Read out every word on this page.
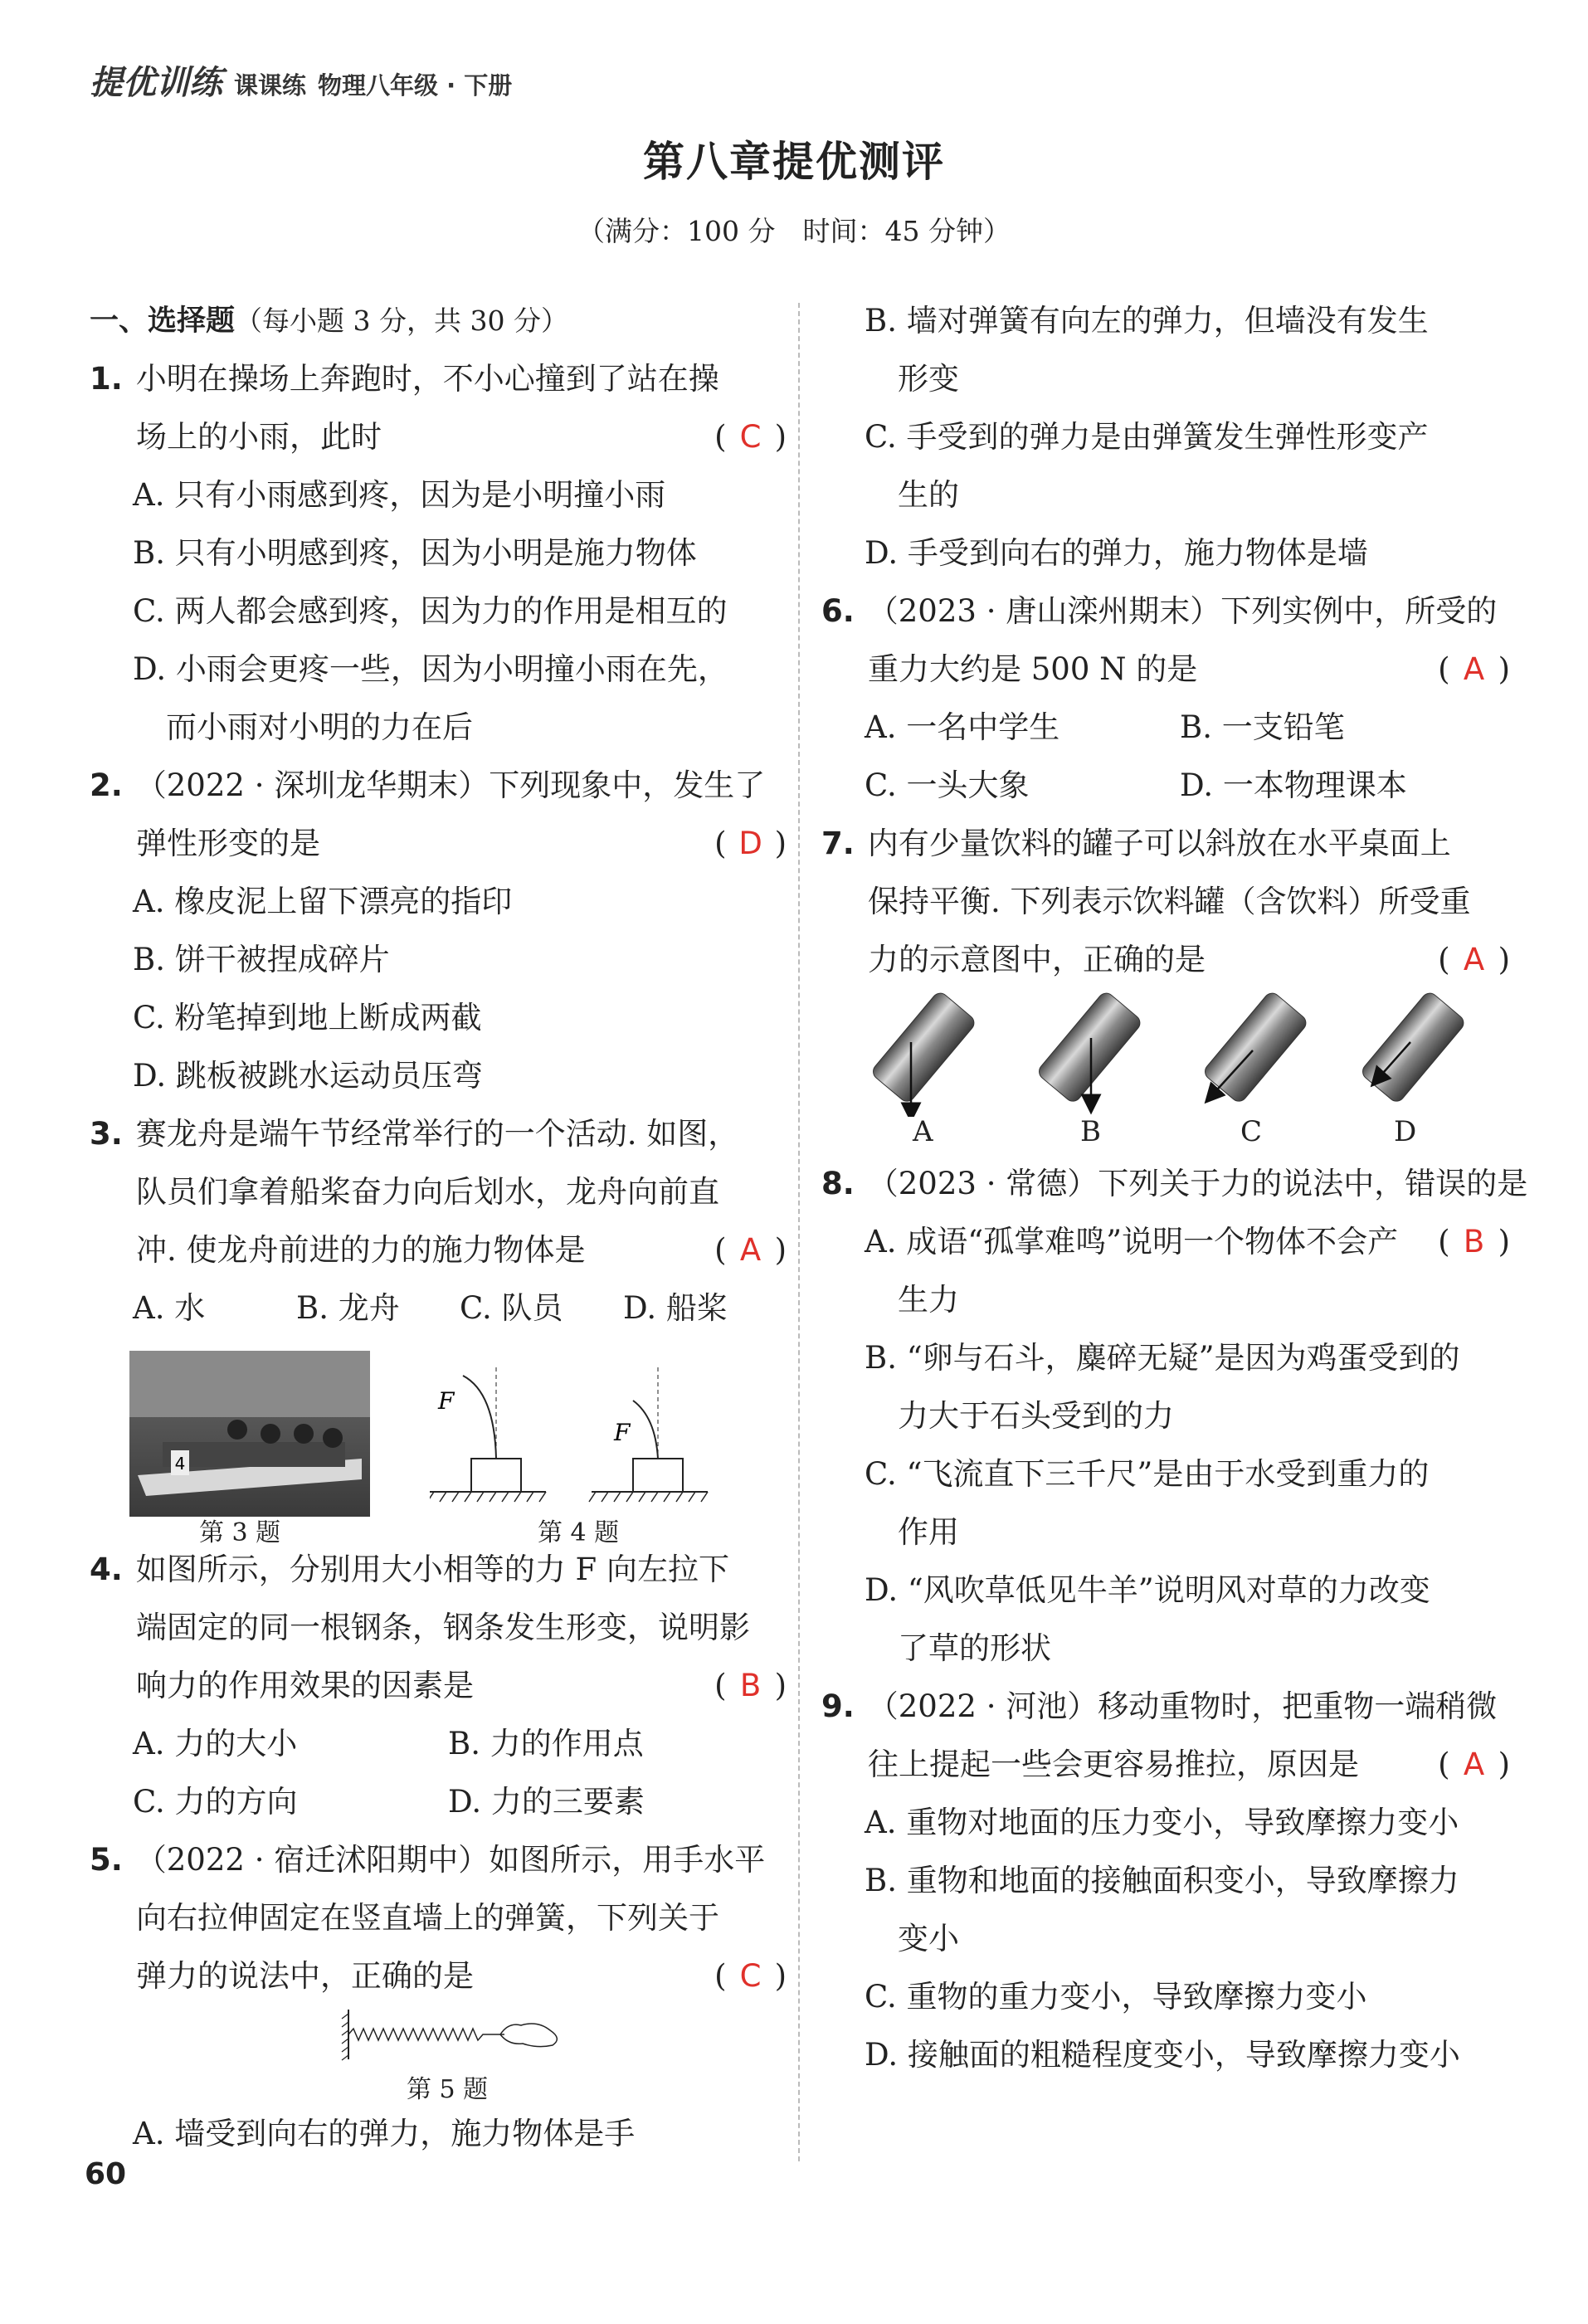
提优训练 课课练 物理八年级 · 下册
第八章提优测评
（满分：100 分　时间：45 分钟）
一、选择题（每小题 3 分，共 30 分）
1. 小明在操场上奔跑时，不小心撞到了站在操
场上的小雨，此时	( C )
A. 只有小雨感到疼，因为是小明撞小雨
B. 只有小明感到疼，因为小明是施力物体
C. 两人都会感到疼，因为力的作用是相互的
D. 小雨会更疼一些，因为小明撞小雨在先，
而小雨对小明的力在后
2. （2022 · 深圳龙华期末）下列现象中，发生了
弹性形变的是	( D )
A. 橡皮泥上留下漂亮的指印
B. 饼干被捏成碎片
C. 粉笔掉到地上断成两截
D. 跳板被跳水运动员压弯
3. 赛龙舟是端午节经常举行的一个活动. 如图，
队员们拿着船桨奋力向后划水，龙舟向前直
冲. 使龙舟前进的力的施力物体是	( A )
A. 水	B. 龙舟	C. 队员	D. 船桨
4
第 3 题
F
F
第 4 题
4. 如图所示，分别用大小相等的力 F 向左拉下
端固定的同一根钢条，钢条发生形变，说明影
响力的作用效果的因素是	( B )
A. 力的大小	B. 力的作用点
C. 力的方向	D. 力的三要素
5. （2022 · 宿迁沭阳期中）如图所示，用手水平
向右拉伸固定在竖直墙上的弹簧，下列关于
弹力的说法中，正确的是	( C )
第 5 题
A. 墙受到向右的弹力，施力物体是手
B. 墙对弹簧有向左的弹力，但墙没有发生
形变
C. 手受到的弹力是由弹簧发生弹性形变产
生的
D. 手受到向右的弹力，施力物体是墙
6. （2023 · 唐山滦州期末）下列实例中，所受的
重力大约是 500 N 的是	( A )
A. 一名中学生	B. 一支铅笔
C. 一头大象	D. 一本物理课本
7. 内有少量饮料的罐子可以斜放在水平桌面上
保持平衡. 下列表示饮料罐（含饮料）所受重
力的示意图中，正确的是	( A )
A	B	C	D
8. （2023 · 常德）下列关于力的说法中，错误的是
( B )
A. 成语“孤掌难鸣”说明一个物体不会产
生力
B. “卵与石斗，麋碎无疑”是因为鸡蛋受到的
力大于石头受到的力
C. “飞流直下三千尺”是由于水受到重力的
作用
D. “风吹草低见牛羊”说明风对草的力改变
了草的形状
9. （2022 · 河池）移动重物时，把重物一端稍微
往上提起一些会更容易推拉，原因是	( A )
A. 重物对地面的压力变小，导致摩擦力变小
B. 重物和地面的接触面积变小，导致摩擦力
变小
C. 重物的重力变小，导致摩擦力变小
D. 接触面的粗糙程度变小，导致摩擦力变小
60
